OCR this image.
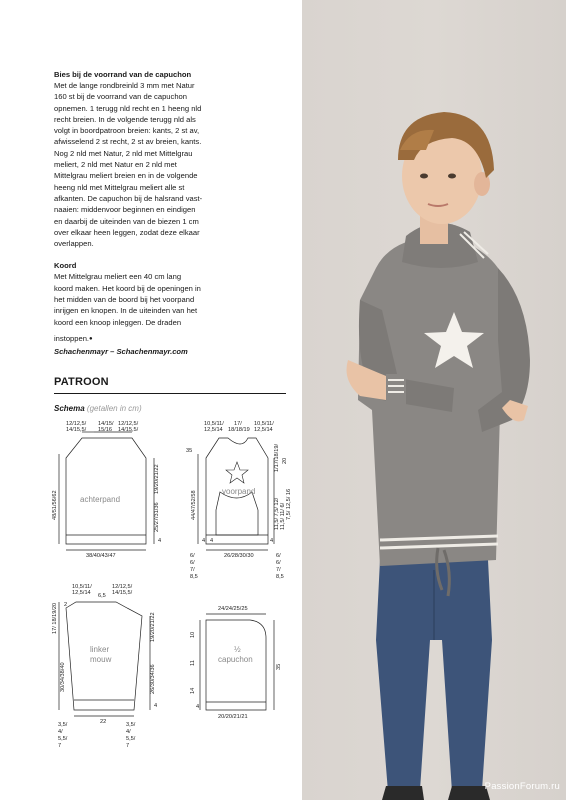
Bies bij de voorrand van de capuchon

Met de lange rondbreinld 3 mm met Natur

160 st bij de voorrand van de capuchon

opnemen. 1 terugg nld recht en 1 heeng nld

recht breien. In de volgende terugg nld als

volgt in boordpatroon breien: kants, 2 st av,

afwisselend 2 st recht, 2 st av breien, kants.

Nog 2 nld met Natur, 2 nld met Mittelgrau

meliert, 2 nld met Natur en 2 nld met

Mittelgrau meliert breien en in de volgende

heeng nld met Mittelgrau meliert alle st

afkanten. De capuchon bij de halsrand vast-

naaien: middenvoor beginnen en eindigen

en daarbij de uiteinden van de biezen 1 cm

over elkaar heen leggen, zodat deze elkaar

overlappen.

Koord

Met Mittelgrau meliert een 40 cm lang

koord maken. Het koord bij de openingen in

het midden van de boord bij het voorpand

inrijgen en knopen. In de uiteinden van het

koord een knoop inleggen. De draden

instoppen.

●

Schachenmayr – Schachenmayr.com

PATROON
Schema (getallen in cm)
12/12,5/
14/15,5/
14/15/
15/16
12/12,5/
14/15,5/
achterpand
48/51/56/62
19/20/21/22
25/27/31/36
4
38/40/43/47
10,5/11/
12,5/14
17/
18/18/19
10,5/11/
12,5/14
35
44/47/52/58	voorpand
1/17/18/19/ 20
7,5/ 12,5/ 16
11,5/ 7,5/ 12/ 11,5/ 11/ 6/
4
26/28/30/30
6/
6/
7/
8,5
6/
6/
7/
8,5
4 4
10,5/11/
12,5/14 6,5
12/12,5/
14/15,5/
17/ 18/19/20 2
30/34/38/40
linker
mouw
19/20/21/22
26/30/34/36
4
22
3,5/
4/
5,5/
7
3,5/
4/
5,5/
7
24/24/25/25
10
11
14
35
½
capuchon
4
20/20/21/21
PassionForum.ru
